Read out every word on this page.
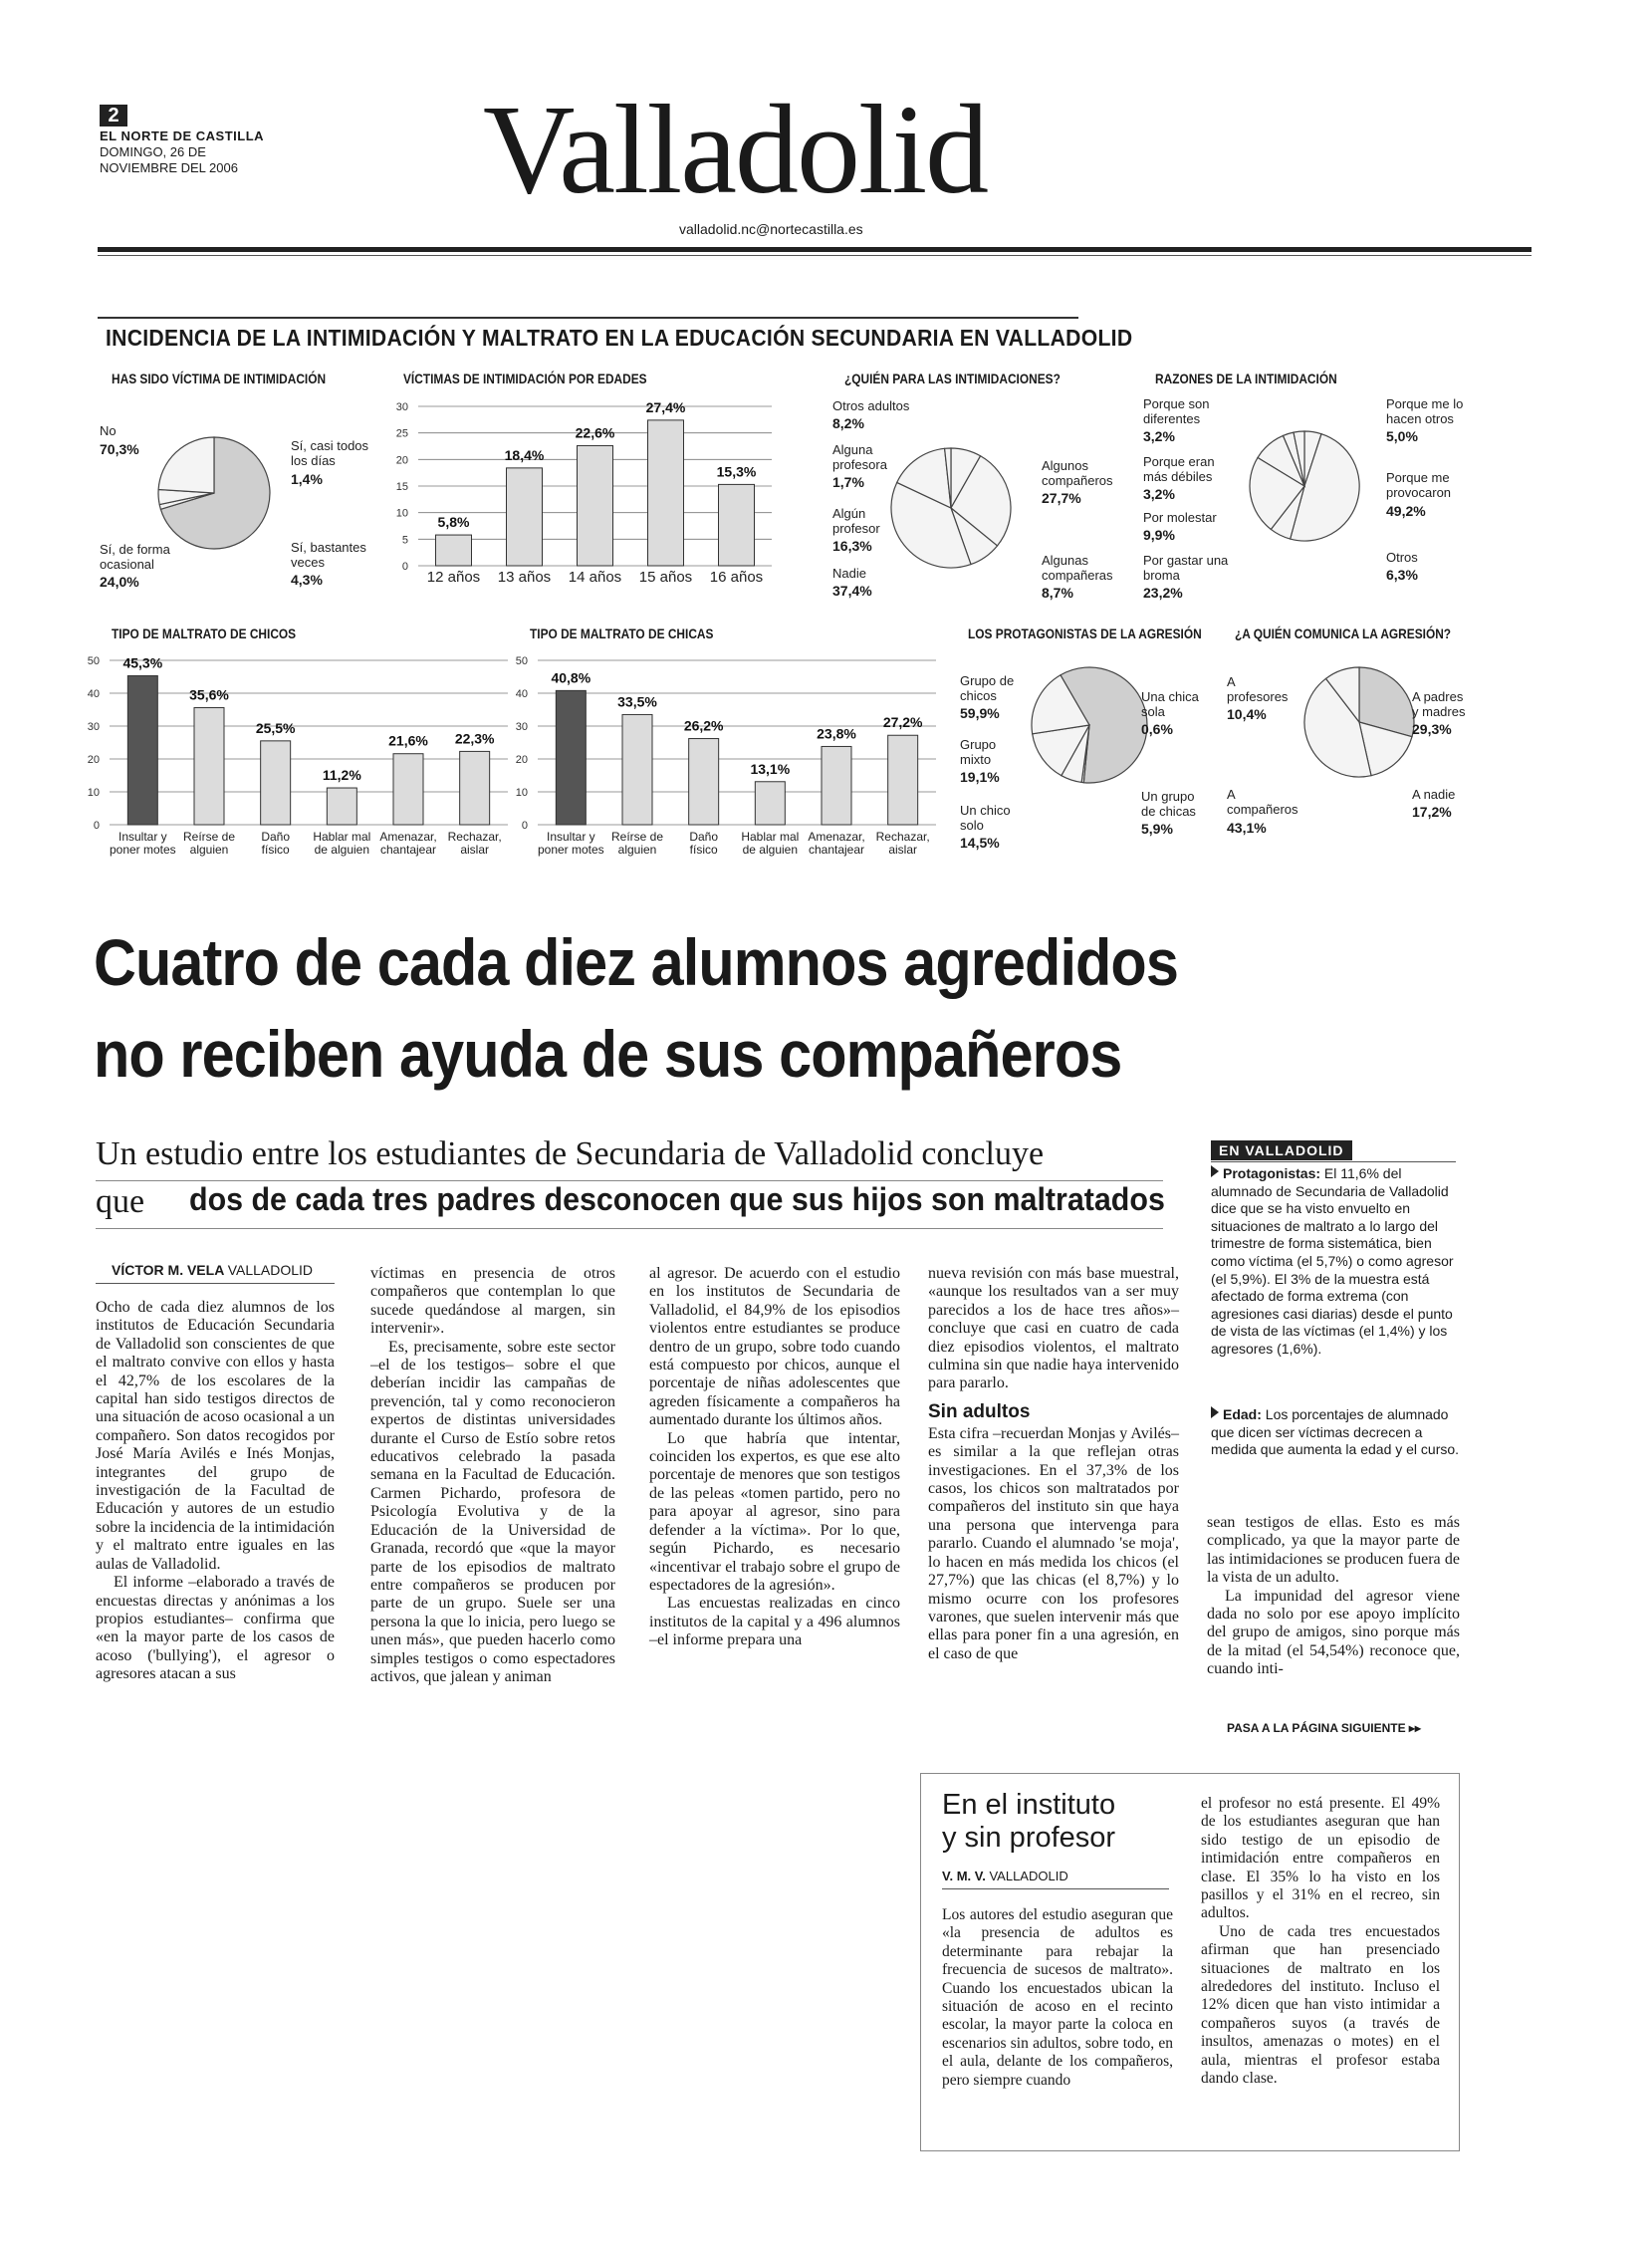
2
EL NORTE DE CASTILLA
DOMINGO, 26 DE
NOVIEMBRE DEL 2006 Valladolid
valladolid.nc@nortecastilla.es
INCIDENCIA DE LA INTIMIDACIÓN Y MALTRATO EN LA EDUCACIÓN SECUNDARIA EN VALLADOLID
HAS SIDO VÍCTIMA DE INTIMIDACIÓN
No
70,3%	Sí, casi todos
los días
1,4%
Sí, bastantes
veces
4,3%
Sí, de forma
ocasional
24,0%
VÍCTIMAS DE INTIMIDACIÓN POR EDADES
0
5
10
15
20
25
30
5,8%
12 años
18,4%
13 años
22,6%
14 años
27,4%
15 años
15,3%
16 años
¿QUIÉN PARA LAS INTIMIDACIONES?
Otros adultos
8,2%
Alguna
profesora
1,7%
Algún
profesor
16,3%
Nadie
37,4%
Algunos
compañeros
27,7%
Algunas
compañeras
8,7%
RAZONES DE LA INTIMIDACIÓN
Porque son
diferentes
3,2%
Porque eran
más débiles
3,2%
Por molestar
9,9%
Por gastar una
broma
23,2%
Porque me lo
hacen otros
5,0%
Porque me
provocaron
49,2%
Otros
6,3%
TIPO DE MALTRATO DE CHICOS
0
10
20
30
40
50 45,3%
Insultar y
poner motes
35,6%
Reírse de
alguien
25,5%
Daño
físico
11,2%
Hablar mal
de alguien
21,6%
Amenazar,
chantajear
22,3%
Rechazar,
aislar
TIPO DE MALTRATO DE CHICAS
0
10
20
30
40
50
40,8%
Insultar y
poner motes
33,5%
Reírse de
alguien
26,2%
Daño
físico
13,1%
Hablar mal
de alguien
23,8%
Amenazar,
chantajear
27,2%
Rechazar,
aislar
LOS PROTAGONISTAS DE LA AGRESIÓN
Grupo de
chicos
59,9%
Grupo
mixto
19,1%
Un chico
solo
14,5%
Una chica
sola
0,6%
Un grupo
de chicas
5,9%
¿A QUIÉN COMUNICA LA AGRESIÓN?
A
profesores
10,4%
A
compañeros
43,1%
A padres
y madres
29,3%
A nadie
17,2%
Cuatro de cada diez alumnos agredidos
no reciben ayuda de sus compañeros
Un estudio entre los estudiantes de Secundaria de Valladolid concluye
que dos de cada tres padres desconocen que sus hijos son maltratados
VÍCTOR M. VELA VALLADOLID

Ocho de cada diez alumnos de los institutos de Educación Secundaria de Valladolid son conscientes de que el maltrato convive con ellos y hasta el 42,7% de los escolares de la capital han sido testigos directos de una situación de acoso ocasional a un compañero. Son datos recogidos por José María Avilés e Inés Monjas, integrantes del grupo de investigación de la Facultad de Educación y autores de un estudio sobre la incidencia de la intimidación y el maltrato entre iguales en las aulas de Valladolid.

El informe –elaborado a través de encuestas directas y anónimas a los propios estudiantes– confirma que «en la mayor parte de los casos de acoso ('bullying'), el agresor o agresores atacan a sus

víctimas en presencia de otros compañeros que contemplan lo que sucede quedándose al margen, sin intervenir».

Es, precisamente, sobre este sector –el de los testigos– sobre el que deberían incidir las campañas de prevención, tal y como reconocieron expertos de distintas universidades durante el Curso de Estío sobre retos educativos celebrado la pasada semana en la Facultad de Educación. Carmen Pichardo, profesora de Psicología Evolutiva y de la Educación de la Universidad de Granada, recordó que «que la mayor parte de los episodios de maltrato entre compañeros se producen por parte de un grupo. Suele ser una persona la que lo inicia, pero luego se unen más», que pueden hacerlo como simples testigos o como espectadores activos, que jalean y animan

al agresor. De acuerdo con el estudio en los institutos de Secundaria de Valladolid, el 84,9% de los episodios violentos entre estudiantes se produce dentro de un grupo, sobre todo cuando está compuesto por chicos, aunque el porcentaje de niñas adolescentes que agreden físicamente a compañeros ha aumentado durante los últimos años.

Lo que habría que intentar, coinciden los expertos, es que ese alto porcentaje de menores que son testigos de las peleas «tomen partido, pero no para apoyar al agresor, sino para defender a la víctima». Por lo que, según Pichardo, es necesario «incentivar el trabajo sobre el grupo de espectadores de la agresión».

Las encuestas realizadas en cinco institutos de la capital y a 496 alumnos –el informe prepara una

nueva revisión con más base muestral, «aunque los resultados van a ser muy parecidos a los de hace tres años»– concluye que casi en cuatro de cada diez episodios violentos, el maltrato culmina sin que nadie haya intervenido para pararlo.

Sin adultos

Esta cifra –recuerdan Monjas y Avilés– es similar a la que reflejan otras investigaciones. En el 37,3% de los casos, los chicos son maltratados por compañeros del instituto sin que haya una persona que intervenga para pararlo. Cuando el alumnado 'se moja', lo hacen en más medida los chicos (el 27,7%) que las chicas (el 8,7%) y lo mismo ocurre con los profesores varones, que suelen intervenir más que ellas para poner fin a una agresión, en el caso de que

sean testigos de ellas. Esto es más complicado, ya que la mayor parte de las intimidaciones se producen fuera de la vista de un adulto.

La impunidad del agresor viene dada no solo por ese apoyo implícito del grupo de amigos, sino porque más de la mitad (el 54,54%) reconoce que, cuando inti-

PASA A LA PÁGINA SIGUIENTE ▸▸
EN VALLADOLID
Protagonistas: El 11,6% del alumnado de Secundaria de Valladolid dice que se ha visto envuelto en situaciones de maltrato a lo largo del trimestre de forma sistemática, bien como víctima (el 5,7%) o como agresor (el 5,9%). El 3% de la muestra está afectado de forma extrema (con agresiones casi diarias) desde el punto de vista de las víctimas (el 1,4%) y los agresores (1,6%).
Edad: Los porcentajes de alumnado que dicen ser víctimas decrecen a medida que aumenta la edad y el curso.
En el instituto
y sin profesor
V. M. V. VALLADOLID

Los autores del estudio aseguran que «la presencia de adultos es determinante para rebajar la frecuencia de sucesos de maltrato». Cuando los encuestados ubican la situación de acoso en el recinto escolar, la mayor parte la coloca en escenarios sin adultos, sobre todo, en el aula, delante de los compañeros, pero siempre cuando

el profesor no está presente. El 49% de los estudiantes aseguran que han sido testigo de un episodio de intimidación entre compañeros en clase. El 35% lo ha visto en los pasillos y el 31% en el recreo, sin adultos.

Uno de cada tres encuestados afirman que han presenciado situaciones de maltrato en los alrededores del instituto. Incluso el 12% dicen que han visto intimidar a compañeros suyos (a través de insultos, amenazas o motes) en el aula, mientras el profesor estaba dando clase.
